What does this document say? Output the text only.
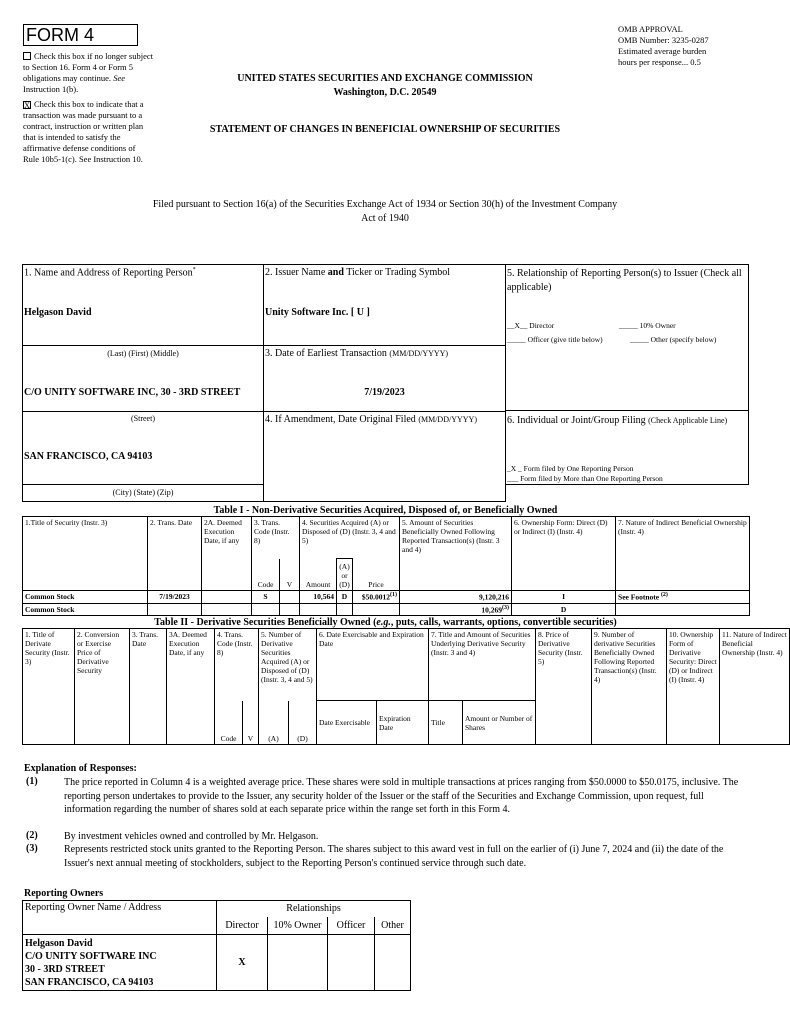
FORM 4
Check this box if no longer subject to Section 16. Form 4 or Form 5 obligations may continue. See Instruction 1(b).
X Check this box to indicate that a transaction was made pursuant to a contract, instruction or written plan that is intended to satisfy the affirmative defense conditions of Rule 10b5-1(c). See Instruction 10.
UNITED STATES SECURITIES AND EXCHANGE COMMISSION
Washington, D.C. 20549
STATEMENT OF CHANGES IN BENEFICIAL OWNERSHIP OF SECURITIES
OMB APPROVAL
OMB Number: 3235-0287
Estimated average burden
hours per response... 0.5
Filed pursuant to Section 16(a) of the Securities Exchange Act of 1934 or Section 30(h) of the Investment Company Act of 1940
1. Name and Address of Reporting Person*
Helgason David
(Last) (First) (Middle)
C/O UNITY SOFTWARE INC, 30 - 3RD STREET
(Street)
SAN FRANCISCO, CA 94103
(City) (State) (Zip)
2. Issuer Name and Ticker or Trading Symbol
Unity Software Inc. [ U ]
3. Date of Earliest Transaction (MM/DD/YYYY)
7/19/2023
4. If Amendment, Date Original Filed (MM/DD/YYYY)
5. Relationship of Reporting Person(s) to Issuer (Check all applicable)
__X__ Director	_____ 10% Owner
_____ Officer (give title below)	_____ Other (specify below)
6. Individual or Joint/Group Filing (Check Applicable Line)
_X _ Form filed by One Reporting Person
___ Form filed by More than One Reporting Person
Table I - Non-Derivative Securities Acquired, Disposed of, or Beneficially Owned
1.Title of Security (Instr. 3)	2. Trans. Date	2A. Deemed Execution Date, if any	3. Trans. Code (Instr. 8)		4. Securities Acquired (A) or Disposed of (D) (Instr. 3, 4 and 5)			5. Amount of Securities Beneficially Owned Following Reported Transaction(s) (Instr. 3 and 4)	6. Ownership Form: Direct (D) or Indirect (I) (Instr. 4)	7. Nature of Indirect Beneficial Ownership (Instr. 4)
			Code	V	Amount	(A) or (D)	Price			
Common Stock	7/19/2023		S		10,564	D	$50.0012$^{(1)}$	9,120,216	I	See Footnote $^{(2)}$
Common Stock								10,269$^{(3)}$	D	
Table II - Derivative Securities Beneficially Owned (e.g., puts, calls, warrants, options, convertible securities)
1. Title of Derivate Security (Instr. 3)	2. Conversion or Exercise Price of Derivative Security	3. Trans. Date	3A. Deemed Execution Date, if any	4. Trans. Code (Instr. 8)		5. Number of Derivative Securities Acquired (A) or Disposed of (D) (Instr. 3, 4 and 5)		6. Date Exercisable and Expiration Date		7. Title and Amount of Securities Underlying Derivative Security (Instr. 3 and 4)		8. Price of Derivative Security (Instr. 5)	9. Number of derivative Securities Beneficially Owned Following Reported Transaction(s) (Instr. 4)	10. Ownership Form of Derivative Security: Direct (D) or Indirect (I) (Instr. 4)	11. Nature of Indirect Beneficial Ownership (Instr. 4)
				Code	V	(A)	(D)	Date Exercisable	Expiration Date	Title	Amount or Number of Shares				
Explanation of Responses:
(1)	The price reported in Column 4 is a weighted average price. These shares were sold in multiple transactions at prices ranging from $50.0000 to $50.0175, inclusive. The reporting person undertakes to provide to the Issuer, any security holder of the Issuer or the staff of the Securities and Exchange Commission, upon request, full information regarding the number of shares sold at each separate price within the range set forth in this Form 4.
(2)	By investment vehicles owned and controlled by Mr. Helgason.
(3)	Represents restricted stock units granted to the Reporting Person. The shares subject to this award vest in full on the earlier of (i) June 7, 2024 and (ii) the date of the Issuer's next annual meeting of stockholders, subject to the Reporting Person's continued service through such date.
Reporting Owners
Reporting Owner Name / Address	Relationships			
	Director	10% Owner	Officer	Other

Helgason David
C/O UNITY SOFTWARE INC
30 - 3RD STREET
SAN FRANCISCO, CA 94103	X			
